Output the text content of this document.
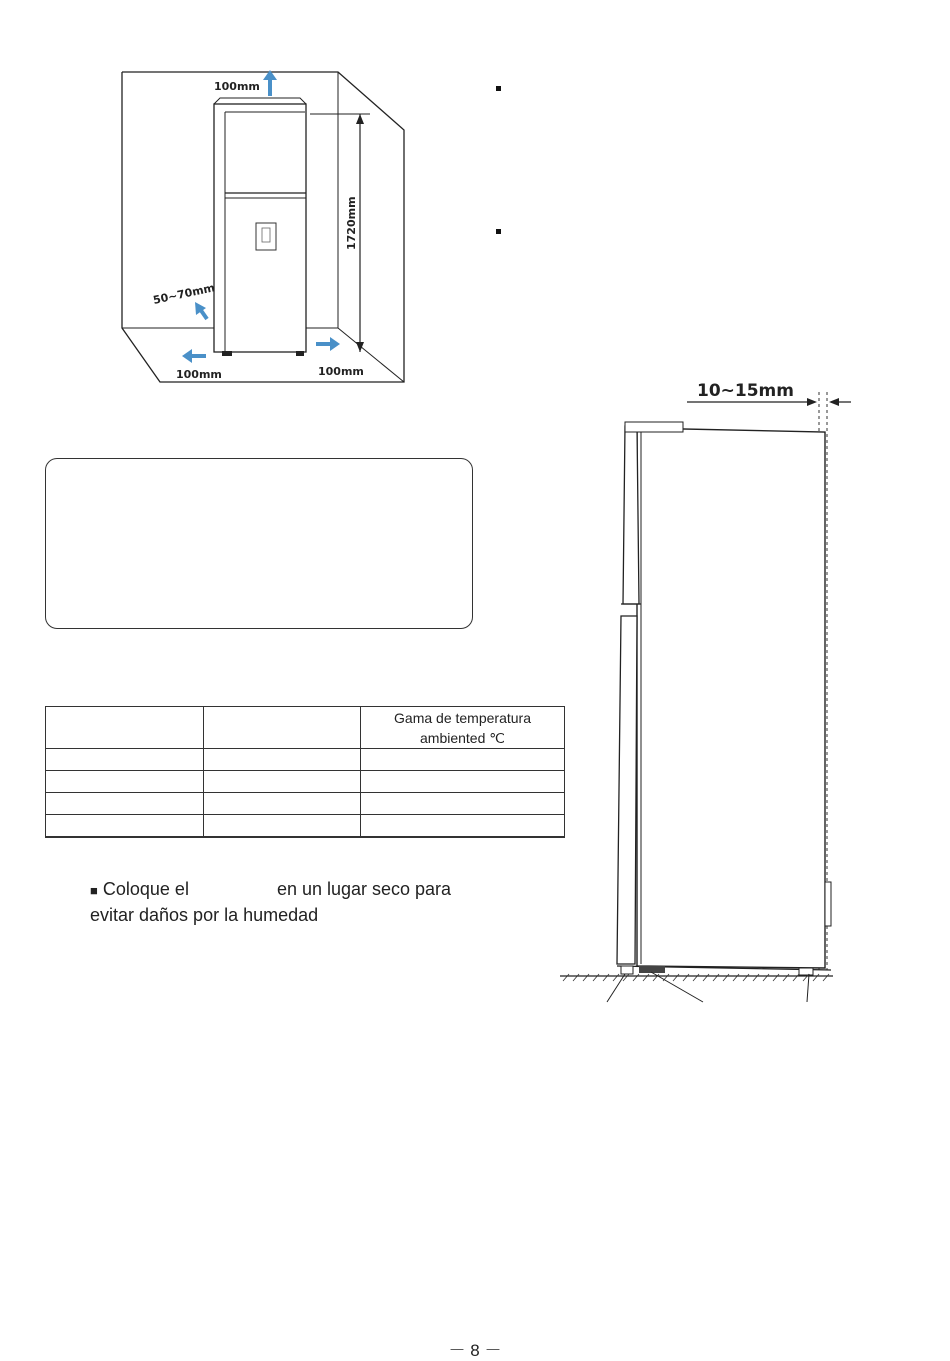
100mm
1720mm
50~70mm
100mm	100mm

		Gama de temperatura
ambiented ℃

■ Coloque el	en un lugar seco para
evitar daños por la humedad
10~15mm
－ 8 －
